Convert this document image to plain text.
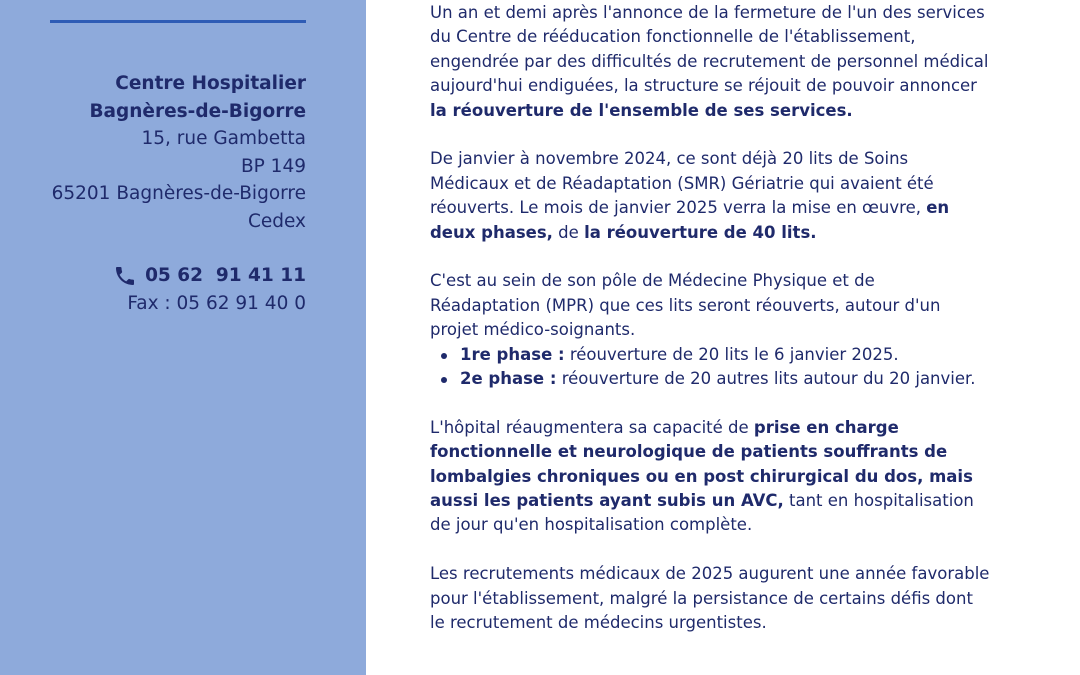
Centre Hospitalier
Bagnères-de-Bigorre
15, rue Gambetta
BP 149
65201 Bagnères-de-Bigorre
Cedex
05 62  91 41 11
Fax : 05 62 91 40 0

Un an et demi après l'annonce de la fermeture de l'un des services du Centre de rééducation fonctionnelle de l'établissement, engendrée par des difficultés de recrutement de personnel médical aujourd'hui endiguées, la structure se réjouit de pouvoir annoncer la réouverture de l'ensemble de ses services.

De janvier à novembre 2024, ce sont déjà 20 lits de Soins Médicaux et de Réadaptation (SMR) Gériatrie qui avaient été réouverts. Le mois de janvier 2025 verra la mise en œuvre, en deux phases, de la réouverture de 40 lits.

C'est au sein de son pôle de Médecine Physique et de Réadaptation (MPR) que ces lits seront réouverts, autour d'un projet médico-soignants.

1re phase : réouverture de 20 lits le 6 janvier 2025.
2e phase : réouverture de 20 autres lits autour du 20 janvier.

L'hôpital réaugmentera sa capacité de prise en charge fonctionnelle et neurologique de patients souffrants de lombalgies chroniques ou en post chirurgical du dos, mais aussi les patients ayant subis un AVC, tant en hospitalisation de jour qu'en hospitalisation complète.

Les recrutements médicaux de 2025 augurent une année favorable pour l'établissement, malgré la persistance de certains défis dont le recrutement de médecins urgentistes.
